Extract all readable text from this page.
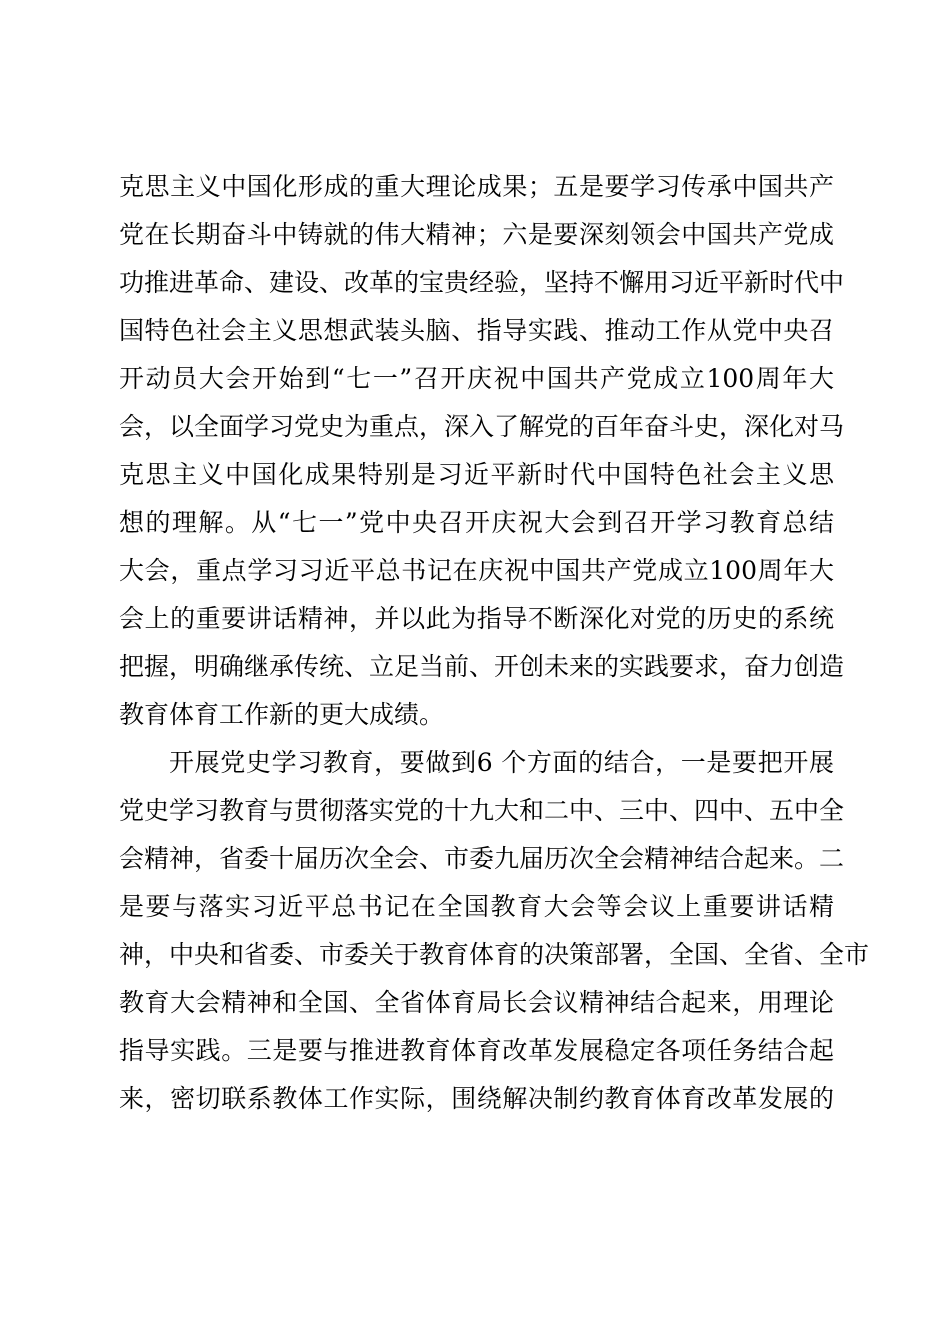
克思主义中国化形成的重大理论成果；五是要学习传承中国共产
党在长期奋斗中铸就的伟大精神；六是要深刻领会中国共产党成
功推进革命、建设、改革的宝贵经验，坚持不懈用习近平新时代中
国特色社会主义思想武装头脑、指导实践、推动工作从党中央召
开动员大会开始到“七一”召开庆祝中国共产党成立100周年大
会，以全面学习党史为重点，深入了解党的百年奋斗史，深化对马
克思主义中国化成果特别是习近平新时代中国特色社会主义思
想的理解。从“七一”党中央召开庆祝大会到召开学习教育总结
大会，重点学习习近平总书记在庆祝中国共产党成立100周年大
会上的重要讲话精神，并以此为指导不断深化对党的历史的系统
把握，明确继承传统、立足当前、开创未来的实践要求，奋力创造
教育体育工作新的更大成绩。
开展党史学习教育，要做到6 个方面的结合，一是要把开展
党史学习教育与贯彻落实党的十九大和二中、三中、四中、五中全
会精神，省委十届历次全会、市委九届历次全会精神结合起来。二
是要与落实习近平总书记在全国教育大会等会议上重要讲话精
神，中央和省委、市委关于教育体育的决策部署，全国、全省、全市
教育大会精神和全国、全省体育局长会议精神结合起来，用理论
指导实践。三是要与推进教育体育改革发展稳定各项任务结合起
来，密切联系教体工作实际，围绕解决制约教育体育改革发展的
